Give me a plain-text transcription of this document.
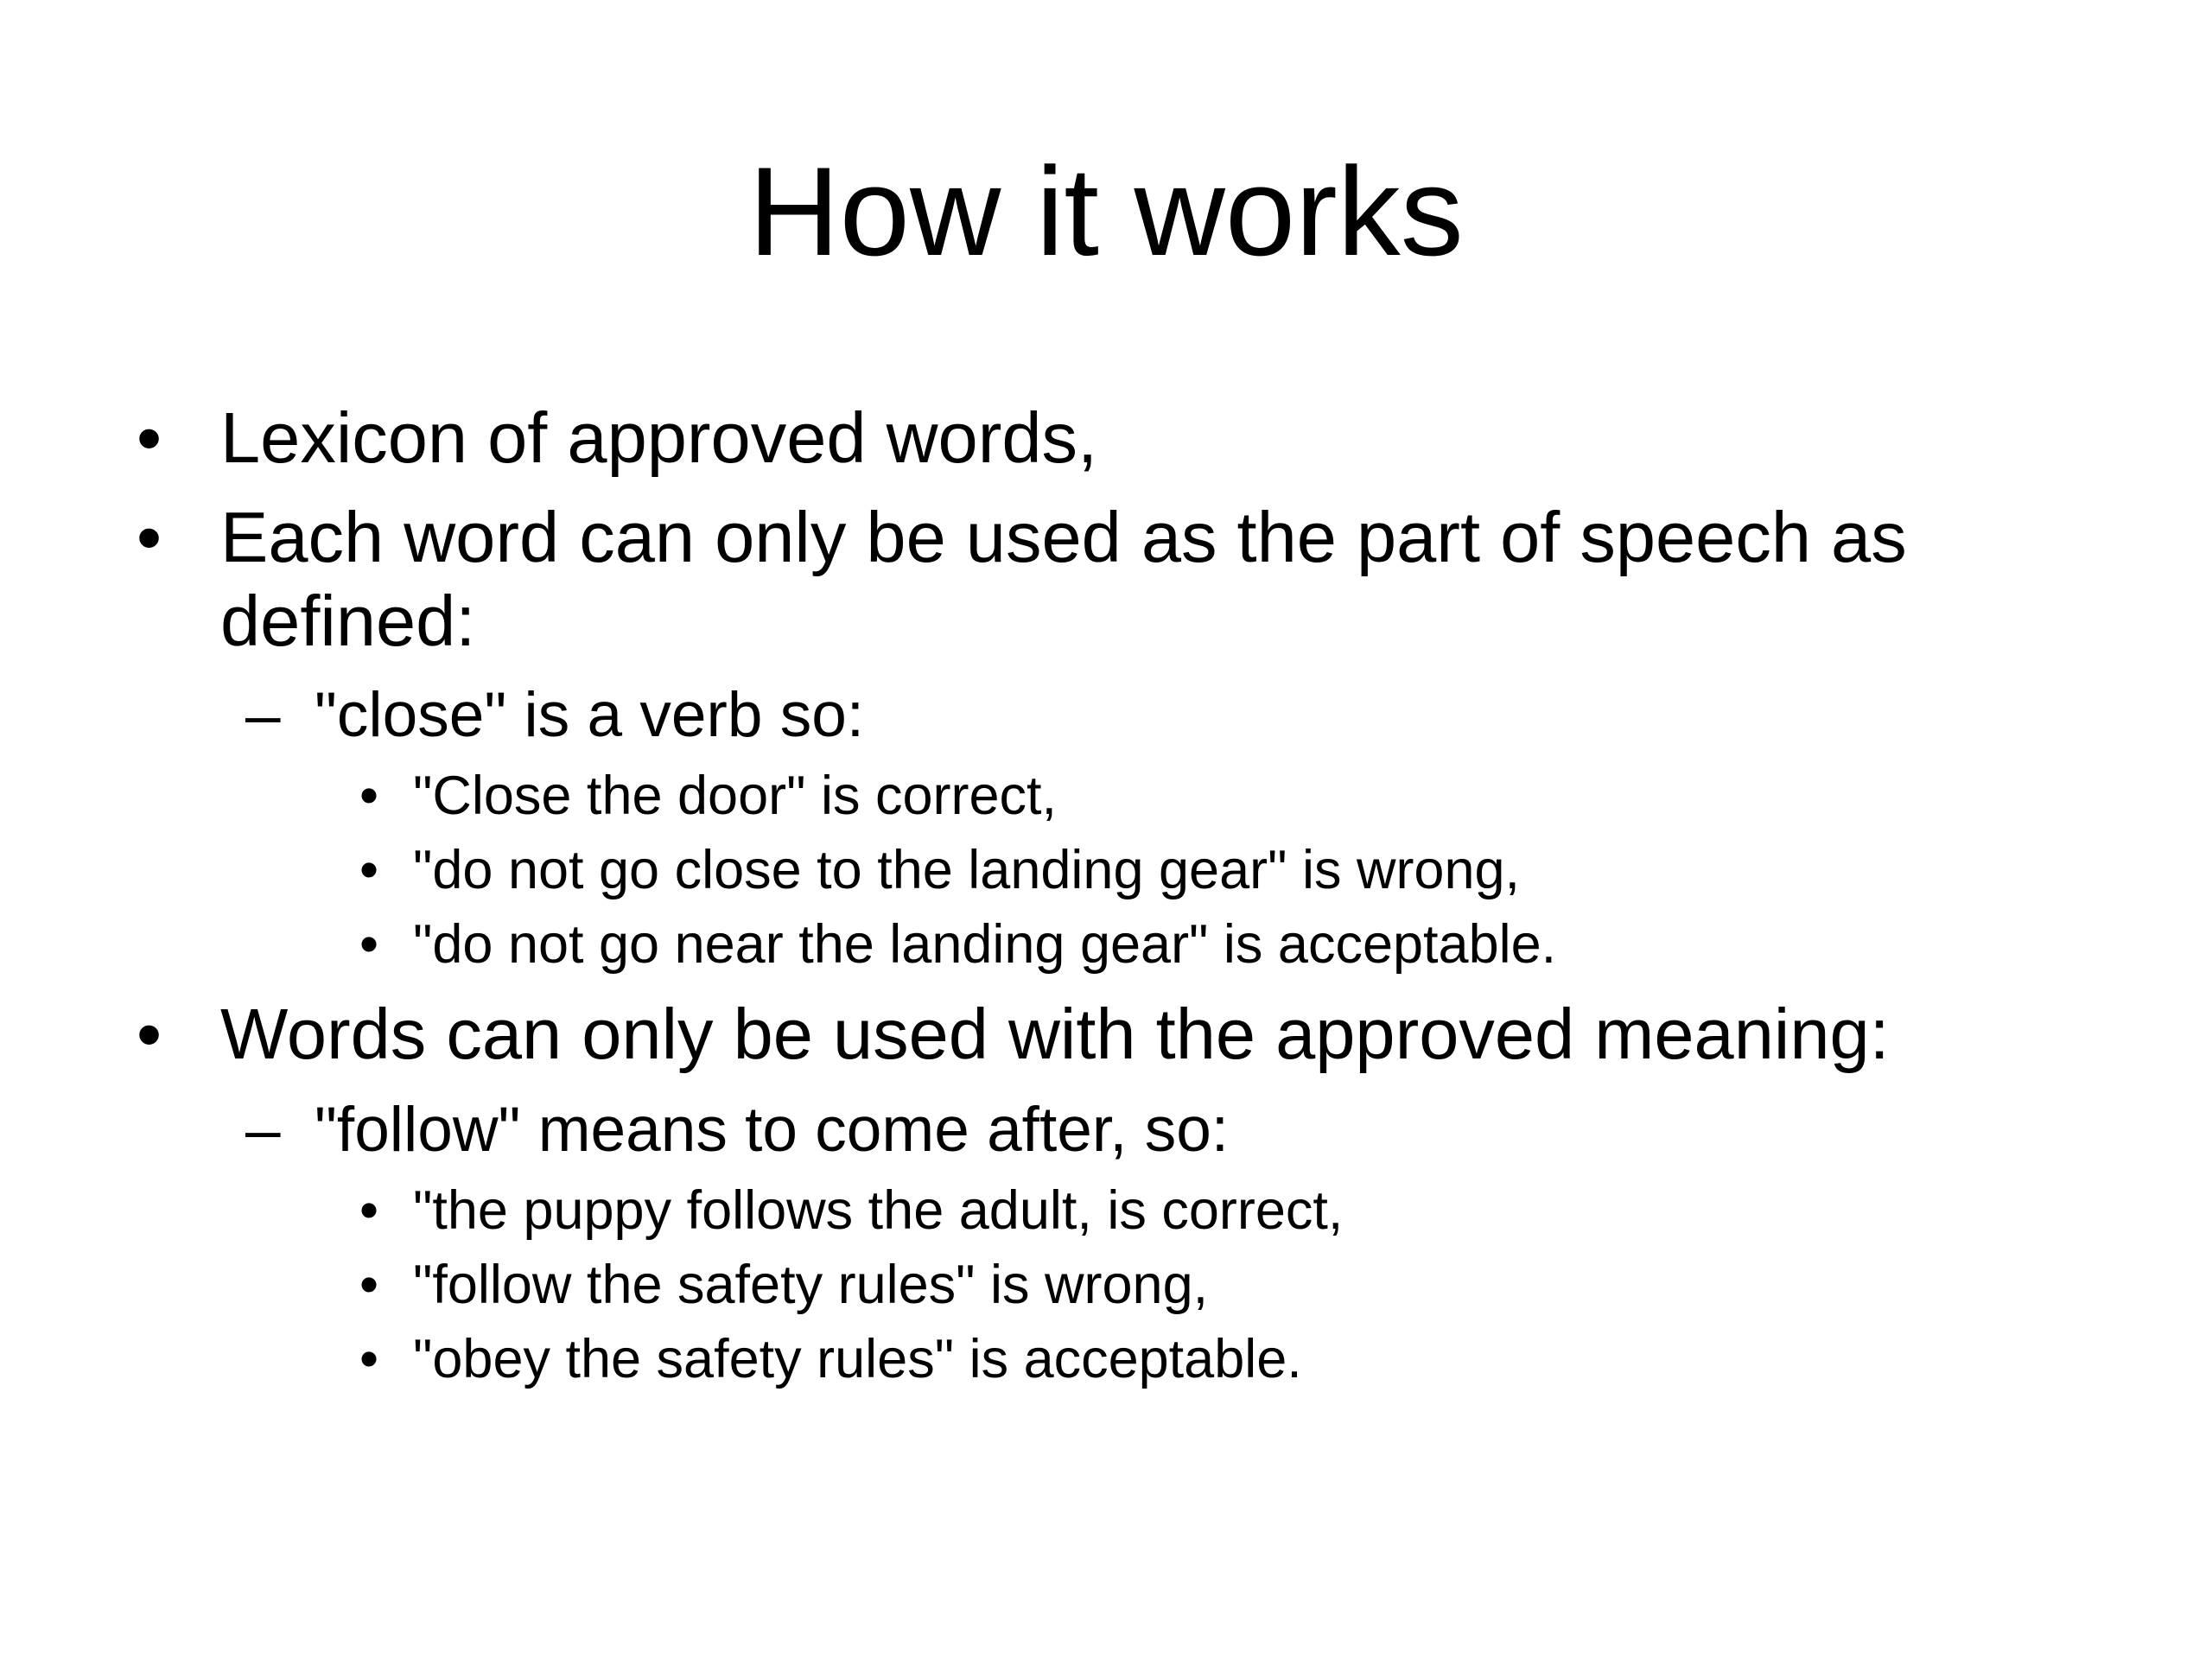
How it works
• Lexicon of approved words,
• Each word can only be used as the part of speech as
defined:
– "close" is a verb so:
• "Close the door" is correct,
• "do not go close to the landing gear" is wrong,
• "do not go near the landing gear" is acceptable.
• Words can only be used with the approved meaning:
– "follow" means to come after, so:
• "the puppy follows the adult, is correct,
• "follow the safety rules" is wrong,
• "obey the safety rules" is acceptable.
